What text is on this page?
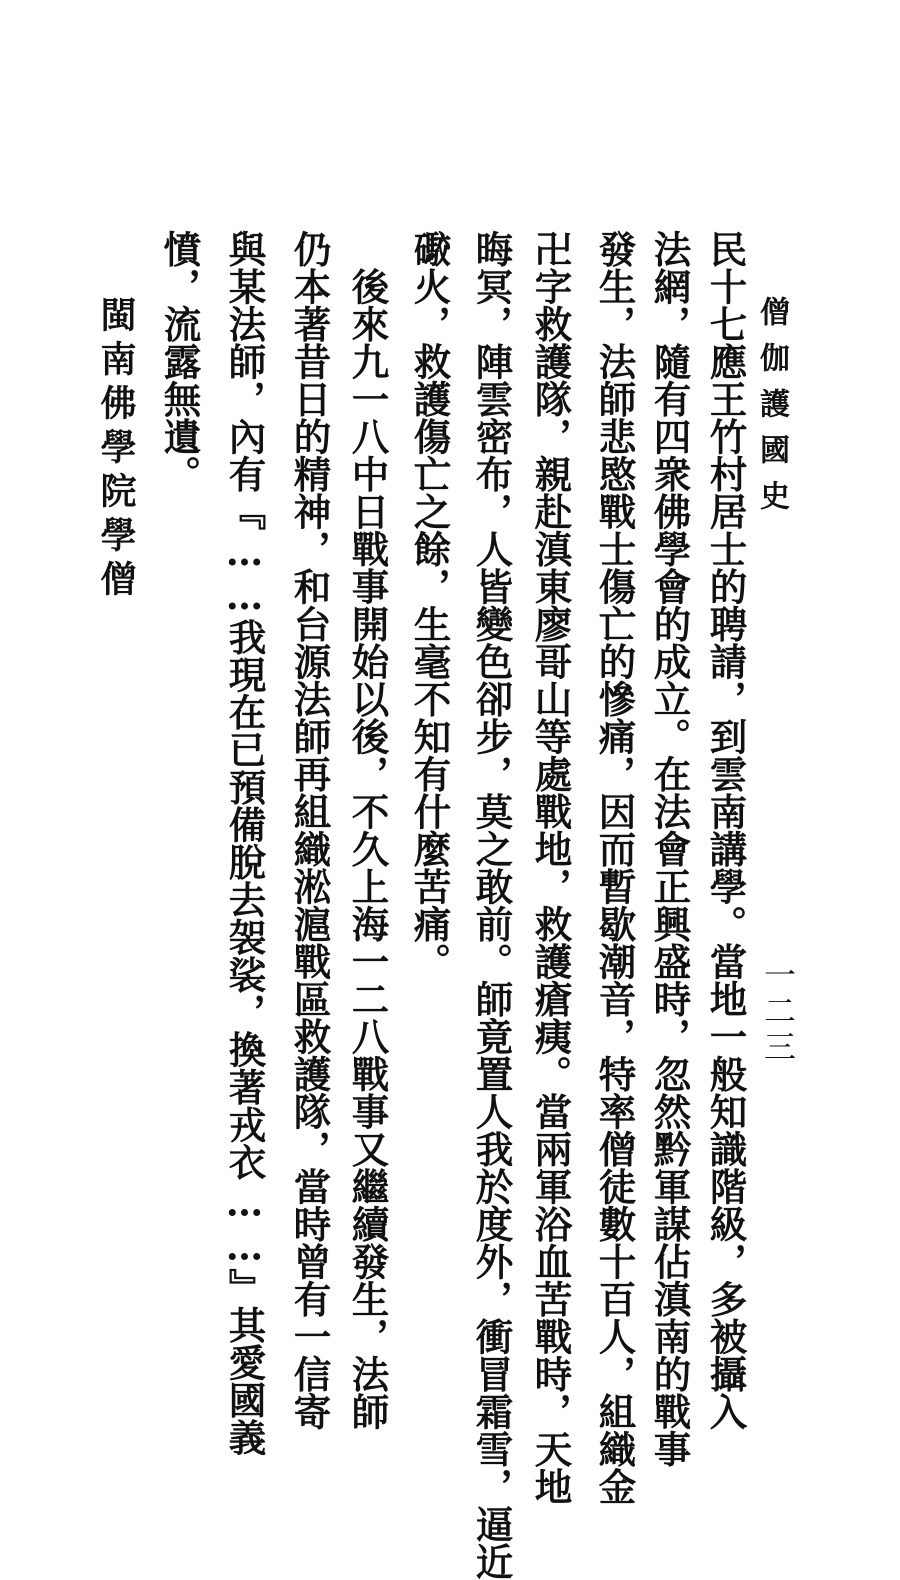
僧伽護國史
一二三
民十七應王竹村居士的聘請，到雲南講學。當地一般知識階級，多被攝入
法網，隨有四衆佛學會的成立。在法會正興盛時，忽然黔軍謀佔滇南的戰事
發生，法師悲愍戰士傷亡的慘痛，因而暫歇潮音，特率僧徒數十百人，組織金
卍字救護隊，親赴滇東廖哥山等處戰地，救護瘡痍。當兩軍浴血苦戰時，天地
晦冥，陣雲密布，人皆變色卻步，莫之敢前。師竟置人我於度外，衝冒霜雪，逼近
礮火，救護傷亡之餘，生毫不知有什麼苦痛。
　後來九一八中日戰事開始以後，不久上海一二八戰事又繼續發生，法師
仍本著昔日的精神，和台源法師再組織淞滬戰區救護隊，當時曾有一信寄
與某法師，內有『……我現在已預備脫去袈裟，換著戎衣……』其愛國義
憤，流露無遺。
閩南佛學院學僧
